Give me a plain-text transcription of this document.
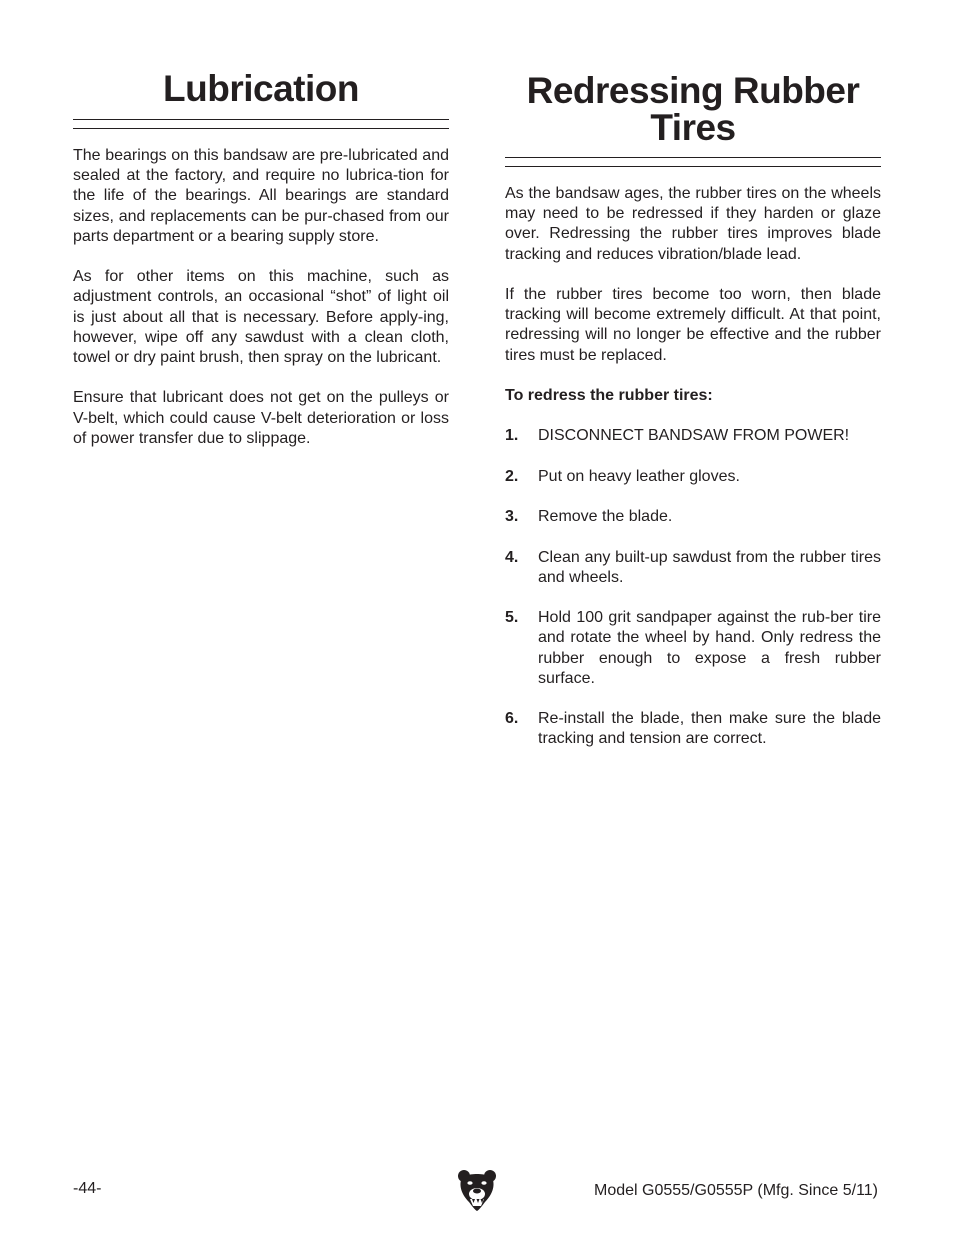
Lubrication

The bearings on this bandsaw are pre-lubricated and sealed at the factory, and require no lubrica-tion for the life of the bearings. All bearings are standard sizes, and replacements can be pur-chased from our parts department or a bearing supply store.

As for other items on this machine, such as adjustment controls, an occasional “shot” of light oil is just about all that is necessary. Before apply-ing, however, wipe off any sawdust with a clean cloth, towel or dry paint brush, then spray on the lubricant.

Ensure that lubricant does not get on the pulleys or V-belt, which could cause V-belt deterioration or loss of power transfer due to slippage.

Redressing Rubber
Tires

As the bandsaw ages, the rubber tires on the wheels may need to be redressed if they harden or glaze over. Redressing the rubber tires improves blade tracking and reduces vibration/blade lead.

If the rubber tires become too worn, then blade tracking will become extremely difficult. At that point, redressing will no longer be effective and the rubber tires must be replaced.

To redress the rubber tires:

1. DISCONNECT BANDSAW FROM POWER!
2. Put on heavy leather gloves.
3. Remove the blade.
4. Clean any built-up sawdust from the rubber tires and wheels.
5. Hold 100 grit sandpaper against the rub-ber tire and rotate the wheel by hand. Only redress the rubber enough to expose a fresh rubber surface.
6. Re-install the blade, then make sure the blade tracking and tension are correct.
-44-	Model G0555/G0555P (Mfg. Since 5/11)
